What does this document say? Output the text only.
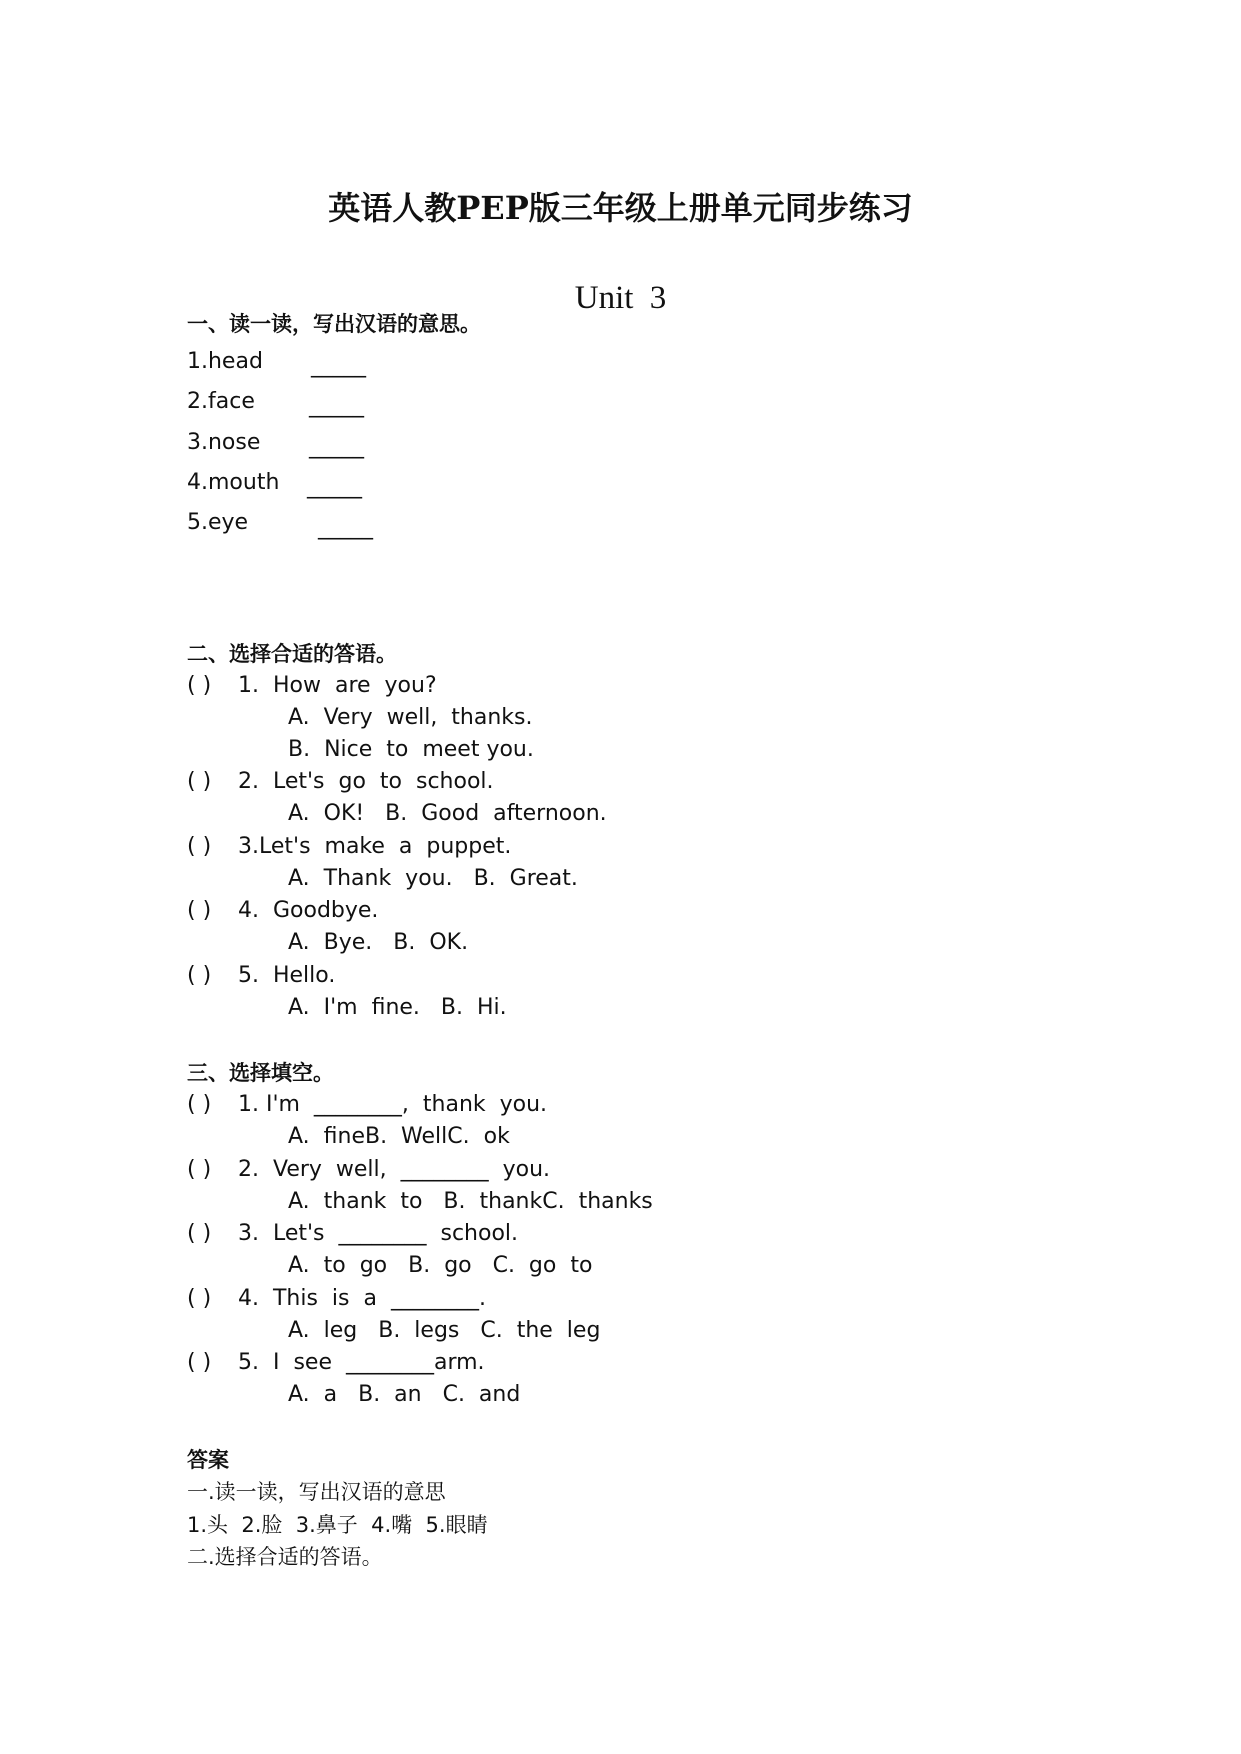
英语人教PEP版三年级上册单元同步练习
Unit 3
一、读一读，写出汉语的意思。
1.head _____
2.face _____
3.nose _____
4.mouth _____
5.eye	_____
二、选择合适的答语。
( ) 1.  How  are  you?
A.  Very  well,  thanks.
B.  Nice  to  meet you.
( ) 2.  Let's  go  to  school.
A.  OK!   B.  Good  afternoon.
( ) 3.Let's  make  a  puppet.
A.  Thank  you.   B.  Great.
( ) 4.  Goodbye.
A.  Bye.   B.  OK.
( ) 5.  Hello.
A.  I'm  fine.   B.  Hi.
三、选择填空。
( ) 1. I'm  ________,  thank  you.
A.  fineB.  WellC.  ok
( ) 2.  Very  well,  ________  you.
A.  thank  to   B.  thankC.  thanks
( ) 3.  Let's  ________  school.
A.  to  go   B.  go   C.  go  to
( ) 4.  This  is  a  ________.
A.  leg   B.  legs   C.  the  leg
( ) 5.  I  see  ________arm.
A.  a   B.  an   C.  and
答案
一.读一读，写出汉语的意思
1.头  2.脸  3.鼻子  4.嘴  5.眼睛
二.选择合适的答语。
